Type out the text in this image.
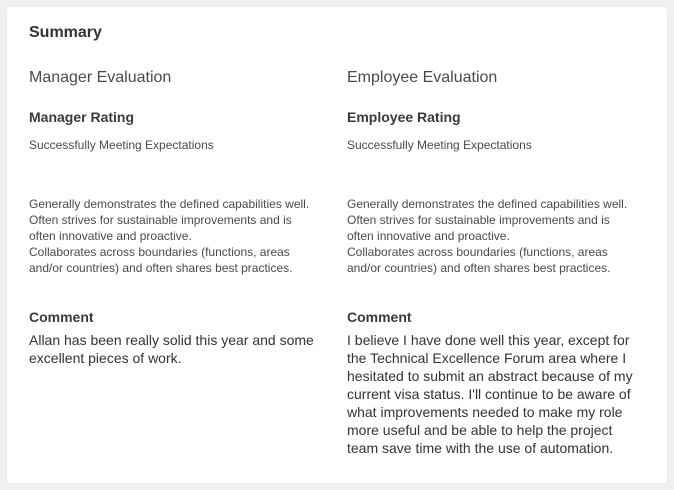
Summary
Manager Evaluation
Manager Rating
Successfully Meeting Expectations
Generally demonstrates the defined capabilities well.
Often strives for sustainable improvements and is
often innovative and proactive.
Collaborates across boundaries (functions, areas
and/or countries) and often shares best practices.
Comment
Allan has been really solid this year and some
excellent pieces of work.
Employee Evaluation
Employee Rating
Successfully Meeting Expectations
Generally demonstrates the defined capabilities well.
Often strives for sustainable improvements and is
often innovative and proactive.
Collaborates across boundaries (functions, areas
and/or countries) and often shares best practices.
Comment
I believe I have done well this year, except for
the Technical Excellence Forum area where I
hesitated to submit an abstract because of my
current visa status. I'll continue to be aware of
what improvements needed to make my role
more useful and be able to help the project
team save time with the use of automation.
